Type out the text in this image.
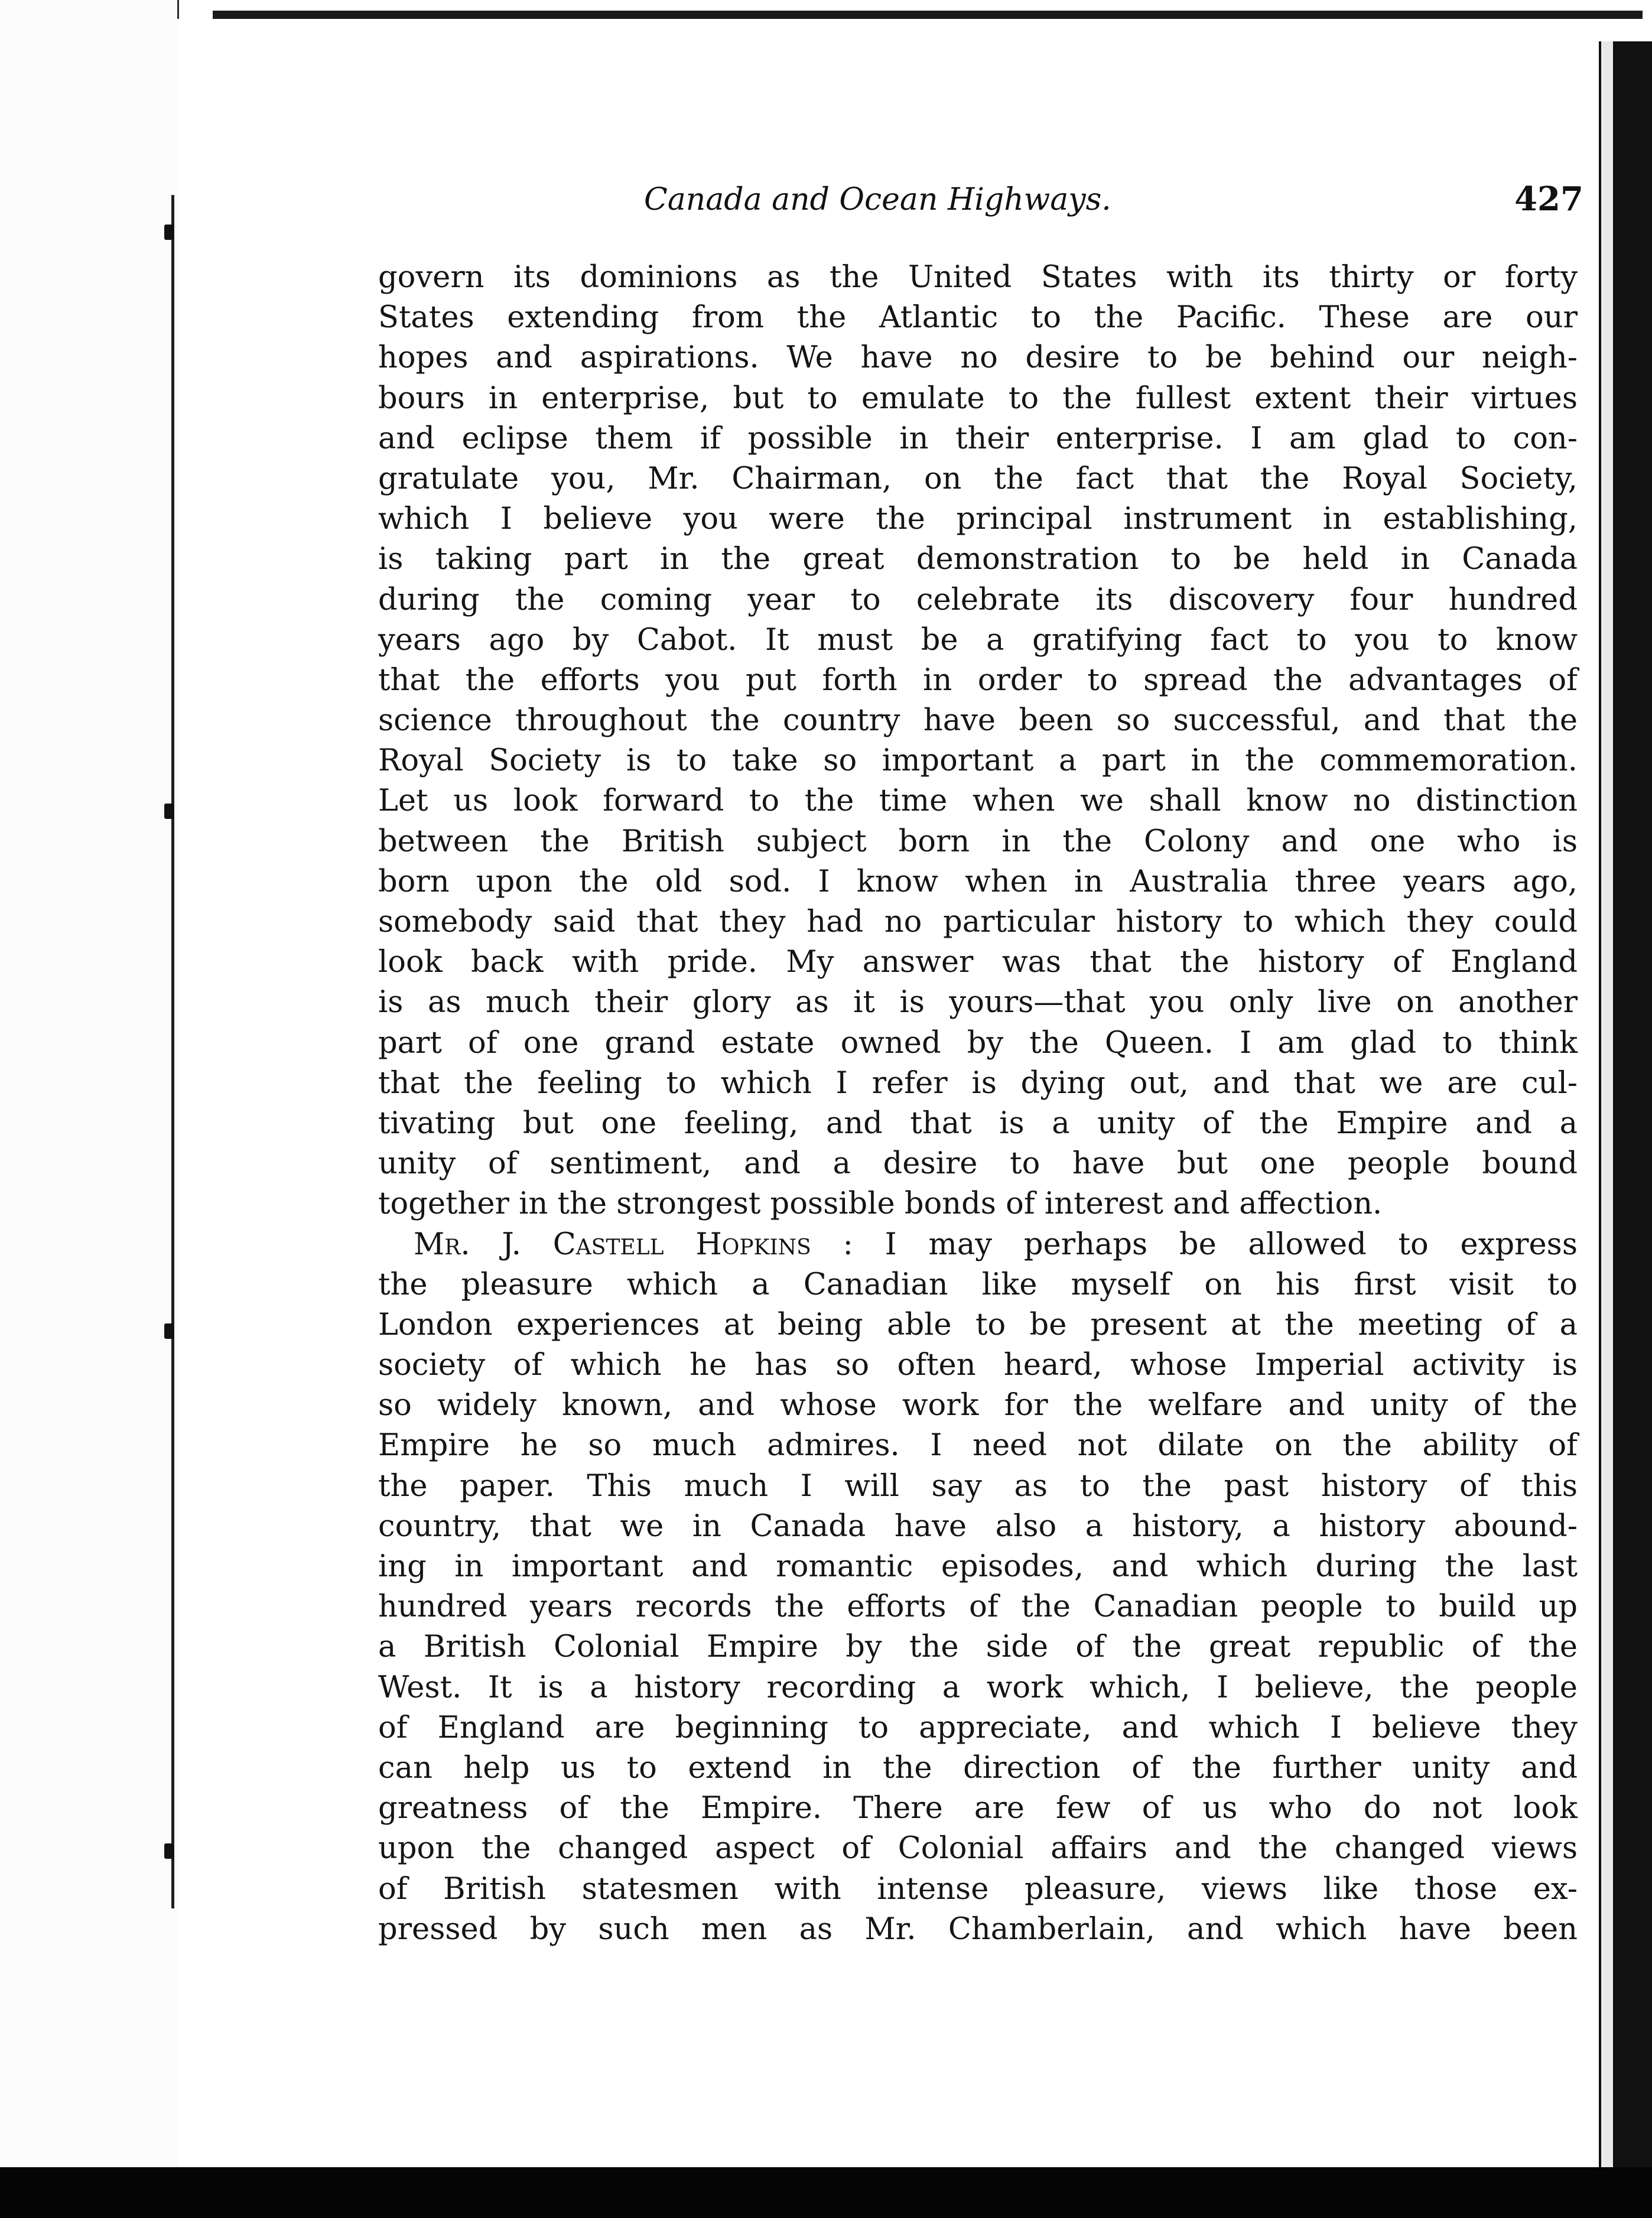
Canada and Ocean Highways.	427
govern its dominions as the United States with its thirty or forty
States extending from the Atlantic to the Pacific. These are our
hopes and aspirations. We have no desire to be behind our neigh-
bours in enterprise, but to emulate to the fullest extent their virtues
and eclipse them if possible in their enterprise. I am glad to con-
gratulate you, Mr. Chairman, on the fact that the Royal Society,
which I believe you were the principal instrument in establishing,
is taking part in the great demonstration to be held in Canada
during the coming year to celebrate its discovery four hundred
years ago by Cabot. It must be a gratifying fact to you to know
that the efforts you put forth in order to spread the advantages of
science throughout the country have been so successful, and that the
Royal Society is to take so important a part in the commemoration.
Let us look forward to the time when we shall know no distinction
between the British subject born in the Colony and one who is
born upon the old sod. I know when in Australia three years ago,
somebody said that they had no particular history to which they could
look back with pride. My answer was that the history of England
is as much their glory as it is yours—that you only live on another
part of one grand estate owned by the Queen. I am glad to think
that the feeling to which I refer is dying out, and that we are cul-
tivating but one feeling, and that is a unity of the Empire and a
unity of sentiment, and a desire to have but one people bound
together in the strongest possible bonds of interest and affection.
Mr. J. Castell Hopkins : I may perhaps be allowed to express
the pleasure which a Canadian like myself on his first visit to
London experiences at being able to be present at the meeting of a
society of which he has so often heard, whose Imperial activity is
so widely known, and whose work for the welfare and unity of the
Empire he so much admires. I need not dilate on the ability of
the paper. This much I will say as to the past history of this
country, that we in Canada have also a history, a history abound-
ing in important and romantic episodes, and which during the last
hundred years records the efforts of the Canadian people to build up
a British Colonial Empire by the side of the great republic of the
West. It is a history recording a work which, I believe, the people
of England are beginning to appreciate, and which I believe they
can help us to extend in the direction of the further unity and
greatness of the Empire. There are few of us who do not look
upon the changed aspect of Colonial affairs and the changed views
of British statesmen with intense pleasure, views like those ex-
pressed by such men as Mr. Chamberlain, and which have been
